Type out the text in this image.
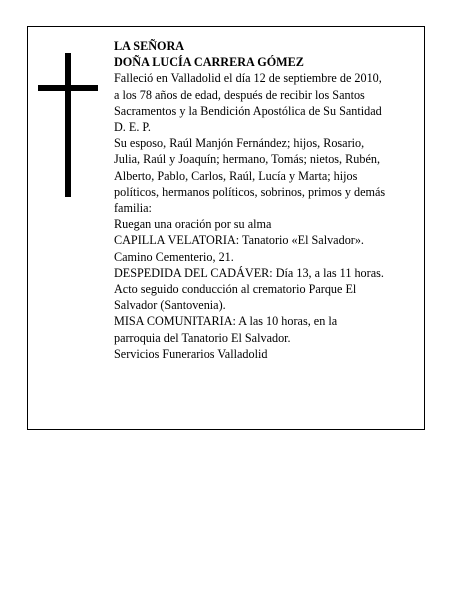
LA SEÑORA
DOÑA LUCÍA CARRERA GÓMEZ
Falleció en Valladolid el día 12 de septiembre de 2010,
a los 78 años de edad, después de recibir los Santos
Sacramentos y la Bendición Apostólica de Su Santidad
D. E. P.
Su esposo, Raúl Manjón Fernández; hijos, Rosario,
Julia, Raúl y Joaquín; hermano, Tomás; nietos, Rubén,
Alberto, Pablo, Carlos, Raúl, Lucía y Marta; hijos
políticos, hermanos políticos, sobrinos, primos y demás
familia:
Ruegan una oración por su alma
CAPILLA VELATORIA: Tanatorio «El Salvador».
Camino Cementerio, 21.
DESPEDIDA DEL CADÁVER: Día 13, a las 11 horas.
Acto seguido conducción al crematorio Parque El
Salvador (Santovenia).
MISA COMUNITARIA: A las 10 horas, en la
parroquia del Tanatorio El Salvador.
Servicios Funerarios Valladolid
